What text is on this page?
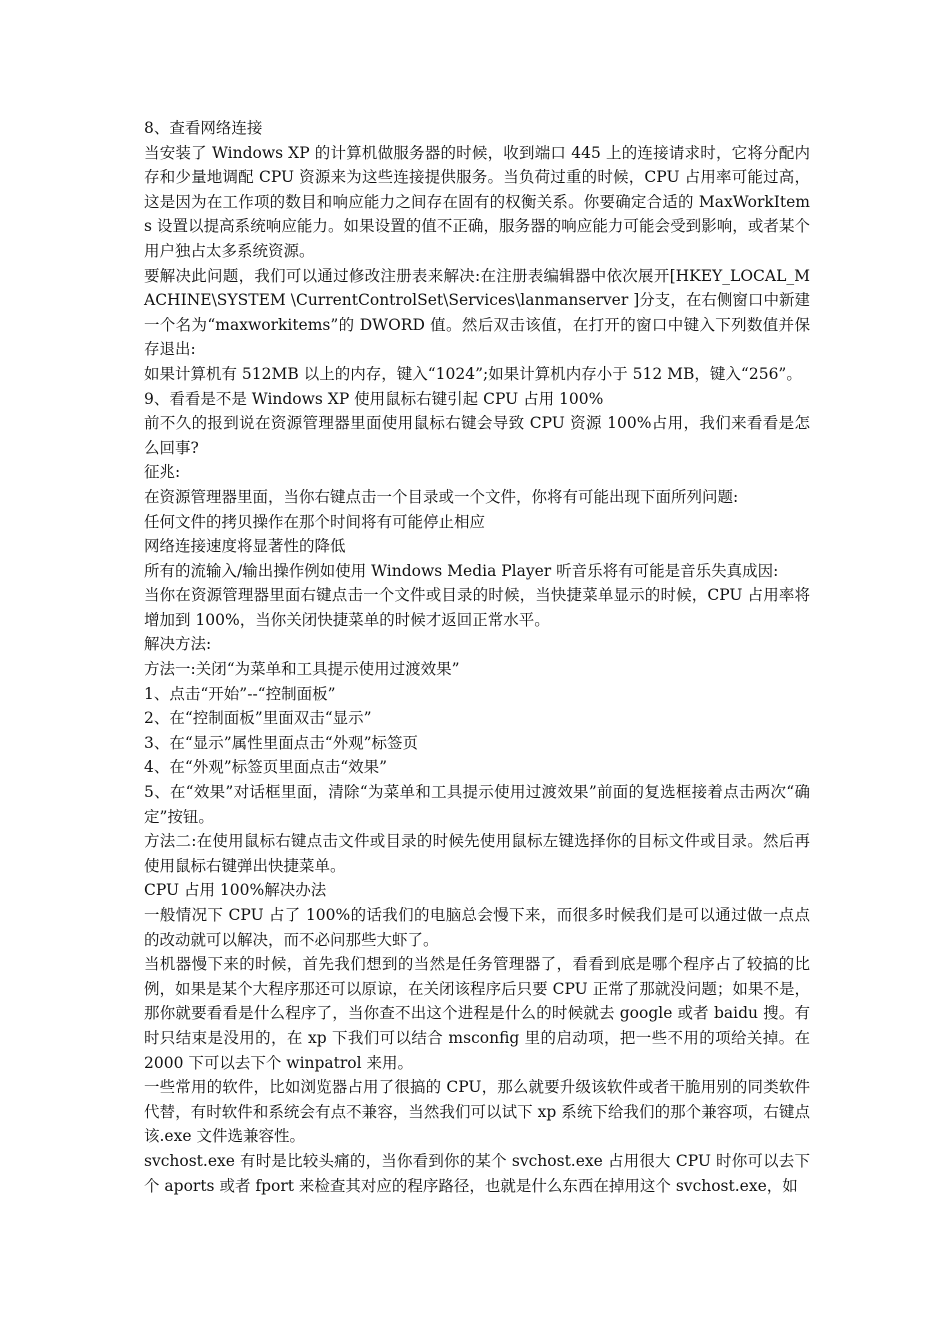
8、查看网络连接

当安装了 Windows XP 的计算机做服务器的时候，收到端口 445 上的连接请求时，它将分配内存和少量地调配 CPU 资源来为这些连接提供服务。当负荷过重的时候，CPU 占用率可能过高，这是因为在工作项的数目和响应能力之间存在固有的权衡关系。你要确定合适的 MaxWorkItems 设置以提高系统响应能力。如果设置的值不正确，服务器的响应能力可能会受到影响，或者某个用户独占太多系统资源。

要解决此问题，我们可以通过修改注册表来解决:在注册表编辑器中依次展开[HKEY_LOCAL_MACHINE\SYSTEM \CurrentControlSet\Services\lanmanserver ]分支，在右侧窗口中新建一个名为“maxworkitems”的 DWORD 值。然后双击该值，在打开的窗口中键入下列数值并保存退出:

如果计算机有 512MB 以上的内存，键入“1024”;如果计算机内存小于 512 MB，键入“256”。

9、看看是不是 Windows XP 使用鼠标右键引起 CPU 占用 100%

前不久的报到说在资源管理器里面使用鼠标右键会导致 CPU 资源 100%占用，我们来看看是怎么回事?

征兆:

在资源管理器里面，当你右键点击一个目录或一个文件，你将有可能出现下面所列问题:

任何文件的拷贝操作在那个时间将有可能停止相应

网络连接速度将显著性的降低

所有的流输入/输出操作例如使用 Windows Media Player 听音乐将有可能是音乐失真成因:

当你在资源管理器里面右键点击一个文件或目录的时候，当快捷菜单显示的时候，CPU 占用率将增加到 100%，当你关闭快捷菜单的时候才返回正常水平。

解决方法:

方法一:关闭“为菜单和工具提示使用过渡效果”

1、点击“开始”--“控制面板”

2、在“控制面板”里面双击“显示”

3、在“显示”属性里面点击“外观”标签页

4、在“外观”标签页里面点击“效果”

5、在“效果”对话框里面，清除“为菜单和工具提示使用过渡效果”前面的复选框接着点击两次“确定”按钮。

方法二:在使用鼠标右键点击文件或目录的时候先使用鼠标左键选择你的目标文件或目录。然后再使用鼠标右键弹出快捷菜单。

CPU 占用 100%解决办法

一般情况下 CPU 占了 100%的话我们的电脑总会慢下来，而很多时候我们是可以通过做一点点的改动就可以解决，而不必问那些大虾了。

当机器慢下来的时候，首先我们想到的当然是任务管理器了，看看到底是哪个程序占了较搞的比例，如果是某个大程序那还可以原谅，在关闭该程序后只要 CPU 正常了那就没问题；如果不是，那你就要看看是什么程序了，当你查不出这个进程是什么的时候就去 google 或者 baidu 搜。有时只结束是没用的，在 xp 下我们可以结合 msconfig 里的启动项，把一些不用的项给关掉。在 2000 下可以去下个 winpatrol 来用。

一些常用的软件，比如浏览器占用了很搞的 CPU，那么就要升级该软件或者干脆用别的同类软件代替，有时软件和系统会有点不兼容，当然我们可以试下 xp 系统下给我们的那个兼容项，右键点该.exe 文件选兼容性。

svchost.exe 有时是比较头痛的，当你看到你的某个 svchost.exe 占用很大 CPU 时你可以去下个 aports 或者 fport 来检查其对应的程序路径，也就是什么东西在掉用这个 svchost.exe，如
